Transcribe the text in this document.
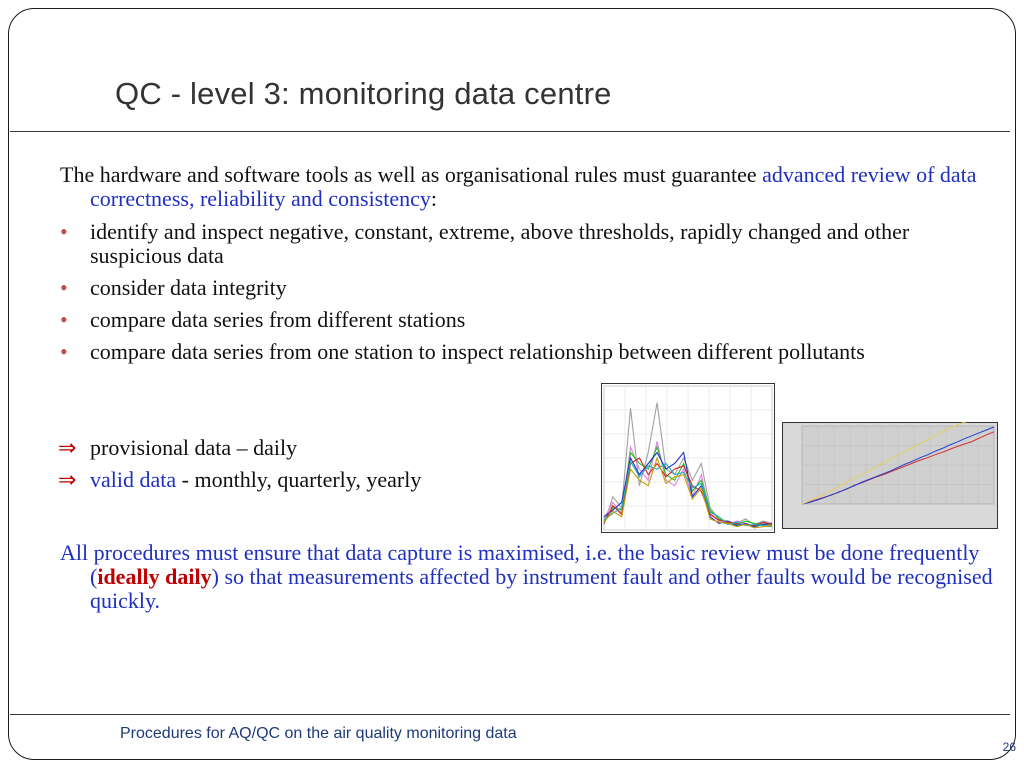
QC - level 3: monitoring data centre
The hardware and software tools as well as organisational rules must guarantee advanced review of data correctness, reliability and consistency:
• identify and inspect negative, constant, extreme, above thresholds, rapidly changed and other suspicious data
• consider data integrity
• compare data series from different stations
• compare data series from one station to inspect relationship between different pollutants
⇒ provisional data – daily
⇒ valid data - monthly, quarterly, yearly
All procedures must ensure that data capture is maximised, i.e. the basic review must be done frequently (ideally daily) so that measurements affected by instrument fault and other faults would be recognised quickly.
Procedures for AQ/QC on the air quality monitoring data
26
